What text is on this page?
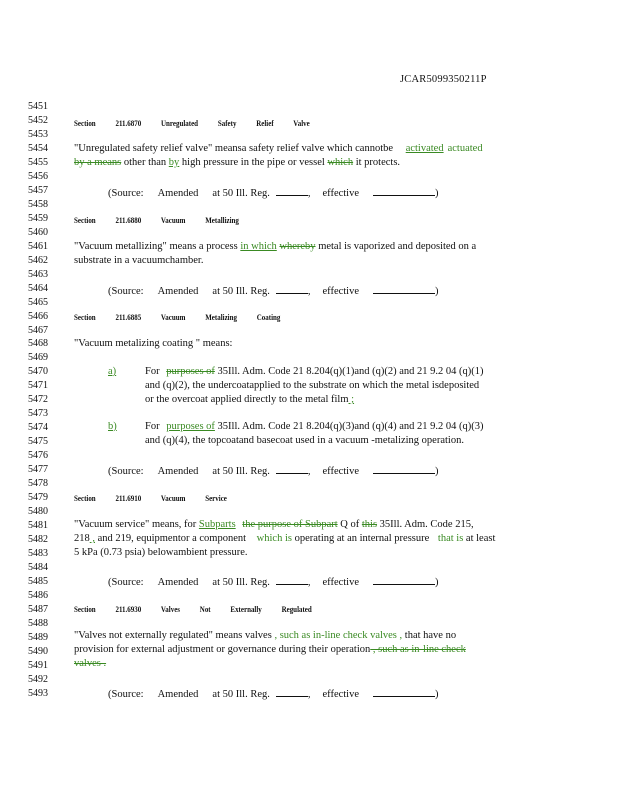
JCAR5099350211P
5451
5452
5453
5454
5455
5456
5457
5458
5459
5460
5461
5462
5463
5464
5465
5466
5467
5468
5469
5470
5471
5472
5473
5474
5475
5476
5477
5478
5479
5480
5481
5482
5483
5484
5485
5486
5487
5488
5489
5490
5491
5492
5493
Section 211.6870 Unregulated Safety Relief Valve
"Unregulated safety relief valve" meansa safety relief valve which cannotbe activated actuated
by a means other than by high pressure in the pipe or vessel which it protects.
(Source: Amended at 50 Ill. Reg.	, effective	)
Section 211.6880 Vacuum Metallizing
"Vacuum metallizing" means a process in which whereby metal is vaporized and deposited on a
substrate in a vacuumchamber.
(Source: Amended at 50 Ill. Reg.	, effective	)
Section 211.6885 Vacuum Metalizing Coating
"Vacuum metalizing coating " means:
a)	For purposes of 35Ill. Adm. Code 21 8.204(q)(1)and (q)(2) and 21 9.2 04 (q)(1)
and (q)(2), the undercoatapplied to the substrate on which the metal isdeposited
or the overcoat applied directly to the metal film ;
b)	For purposes of 35Ill. Adm. Code 21 8.204(q)(3)and (q)(4) and 21 9.2 04 (q)(3)
and (q)(4), the topcoatand basecoat used in a vacuum -metalizing operation.
(Source: Amended at 50 Ill. Reg.	, effective	)
Section 211.6910 Vacuum Service
"Vacuum service" means, for Subparts the purpose of Subpart Q of this 35Ill. Adm. Code 215,
218 , and 219, equipmentor a component which is operating at an internal pressure that is at least
5 kPa (0.73 psia) belowambient pressure.
(Source: Amended at 50 Ill. Reg.	, effective	)
Section 211.6930 Valves Not Externally Regulated
"Valves not externally regulated" means valves , such as in-line check valves , that have no
provision for external adjustment or governance during their operation , such as in-line check
valves .
(Source: Amended at 50 Ill. Reg.	, effective	)
